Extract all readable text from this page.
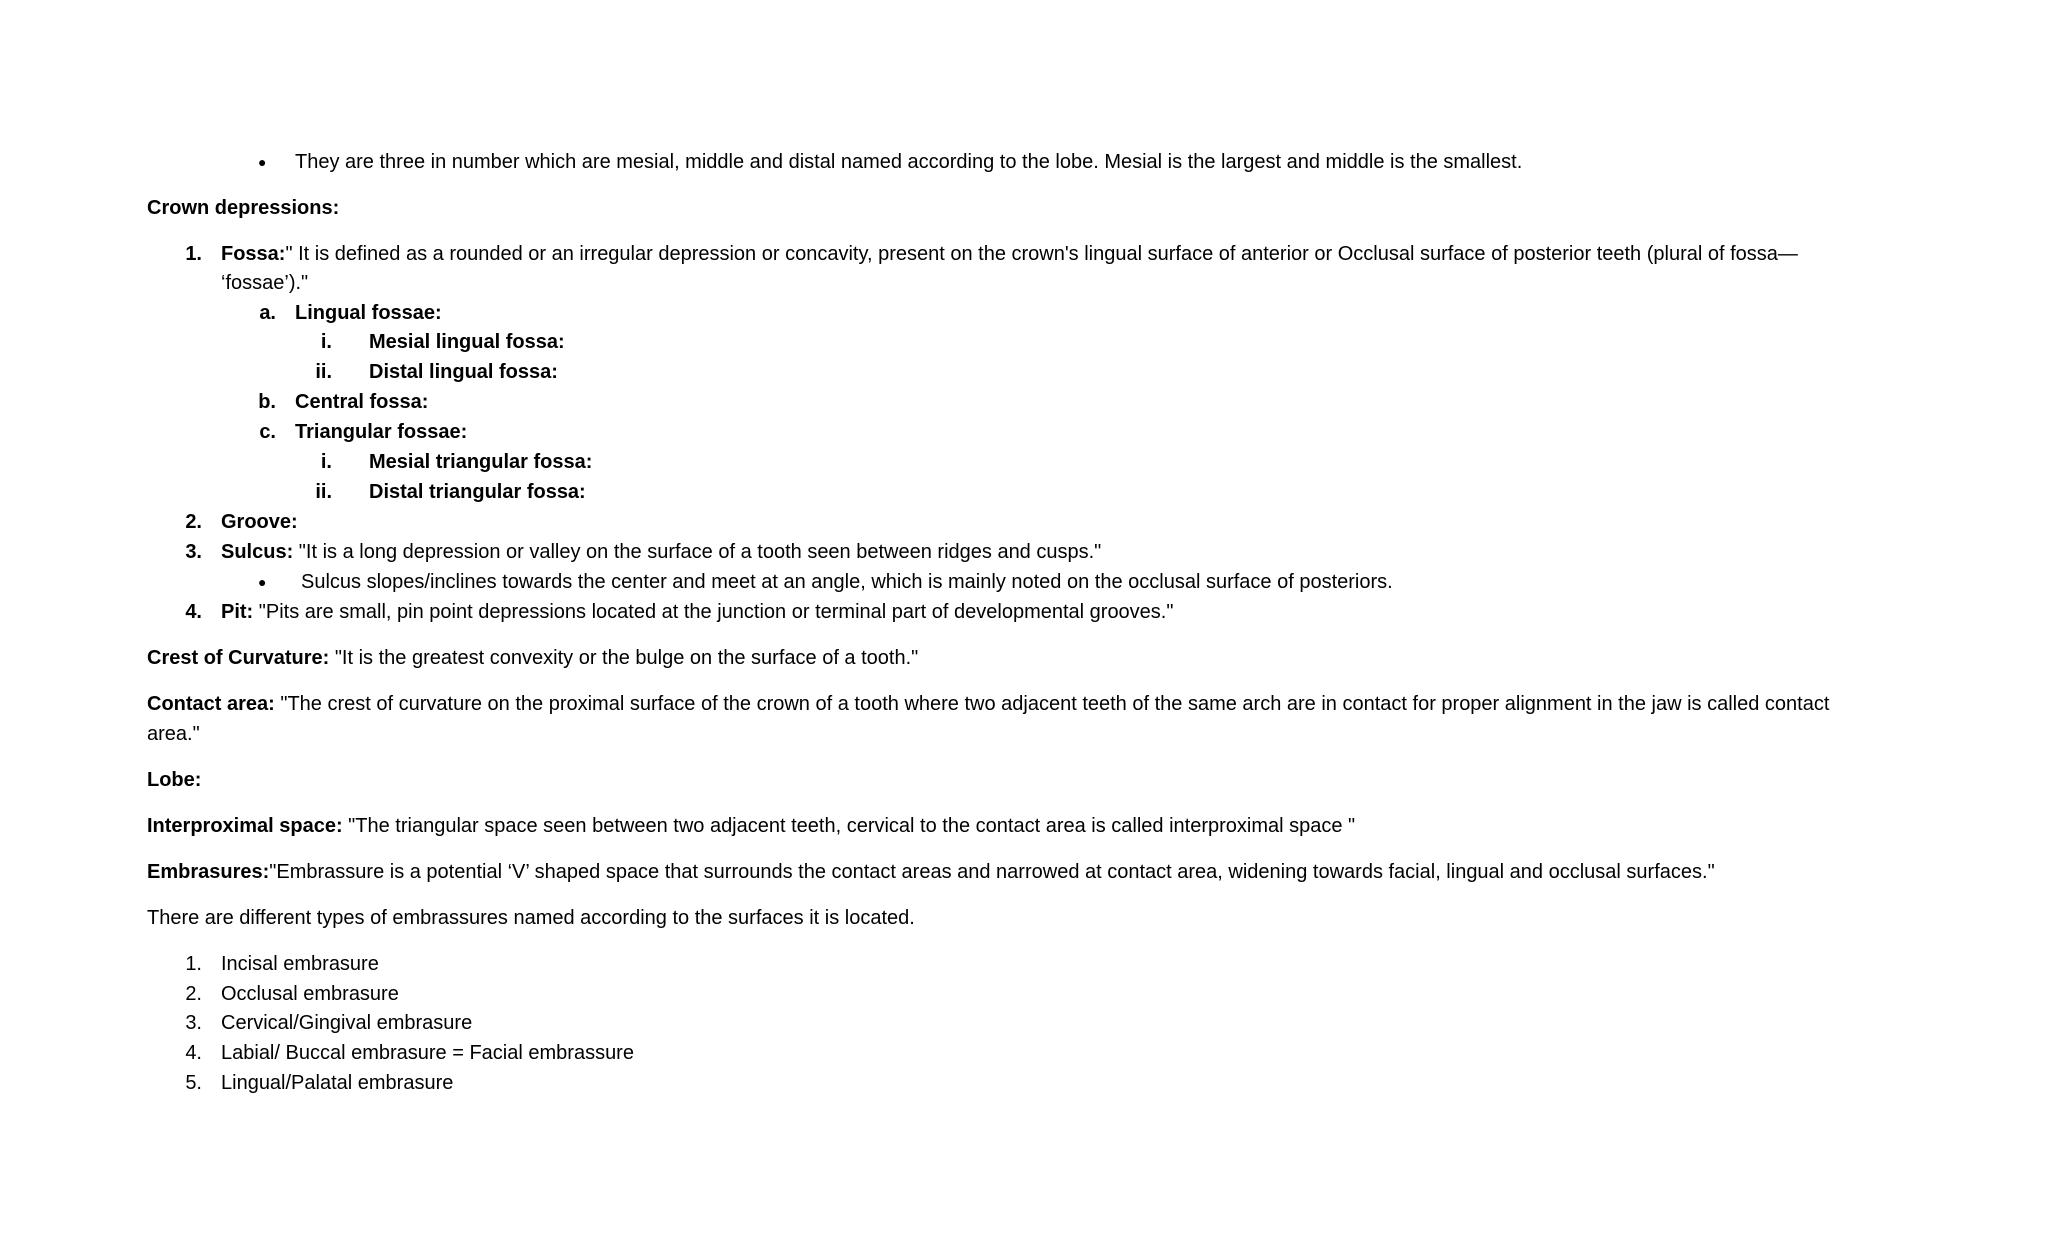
● They are three in number which are mesial, middle and distal named according to the lobe. Mesial is the largest and middle is the smallest.
Crown depressions:
1. Fossa:" It is defined as a rounded or an irregular depression or concavity, present on the crown's lingual surface of anterior or Occlusal surface of posterior teeth (plural of fossa—
‘fossae’)."
a. Lingual fossae:
i. Mesial lingual fossa:
ii. Distal lingual fossa:
b. Central fossa:
c. Triangular fossae:
i. Mesial triangular fossa:
ii. Distal triangular fossa:
2. Groove:
3. Sulcus: "It is a long depression or valley on the surface of a tooth seen between ridges and cusps."
● Sulcus slopes/inclines towards the center and meet at an angle, which is mainly noted on the occlusal surface of posteriors.
4. Pit: "Pits are small, pin point depressions located at the junction or terminal part of developmental grooves."
Crest of Curvature: "It is the greatest convexity or the bulge on the surface of a tooth."
Contact area: "The crest of curvature on the proximal surface of the crown of a tooth where two adjacent teeth of the same arch are in contact for proper alignment in the jaw is called contact
area."
Lobe:
Interproximal space: "The triangular space seen between two adjacent teeth, cervical to the contact area is called interproximal space "
Embrasures:"Embrassure is a potential ‘V’ shaped space that surrounds the contact areas and narrowed at contact area, widening towards facial, lingual and occlusal surfaces."
There are different types of embrassures named according to the surfaces it is located.
1. Incisal embrasure
2. Occlusal embrasure
3. Cervical/Gingival embrasure
4. Labial/ Buccal embrasure = Facial embrassure
5. Lingual/Palatal embrasure
